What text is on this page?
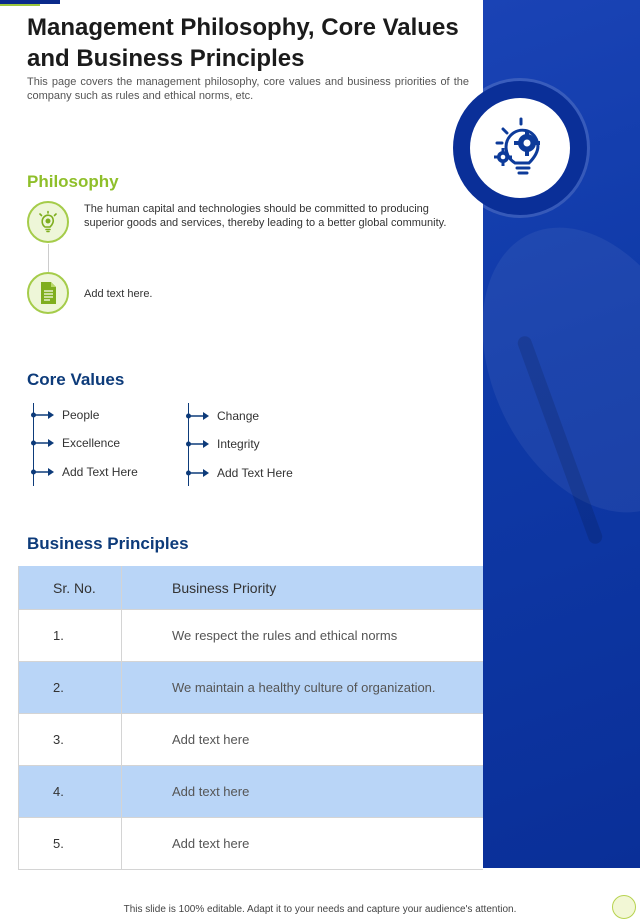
Management Philosophy, Core Values and Business Principles

This page covers the management philosophy, core values and business priorities of the company such as rules and ethical norms, etc.

Philosophy
The human capital and technologies should be committed to producing superior goods and services, thereby leading to a better global community.
Add text here.
Core Values
People
Excellence
Add Text Here
Change
Integrity
Add Text Here
Business Principles
Sr. No.	Business Priority
1.	We respect the rules and ethical norms
2.	We maintain a healthy culture of organization.
3.	Add text here
4.	Add text here
5.	Add text here
This slide is 100% editable. Adapt it to your needs and capture your audience's attention.
